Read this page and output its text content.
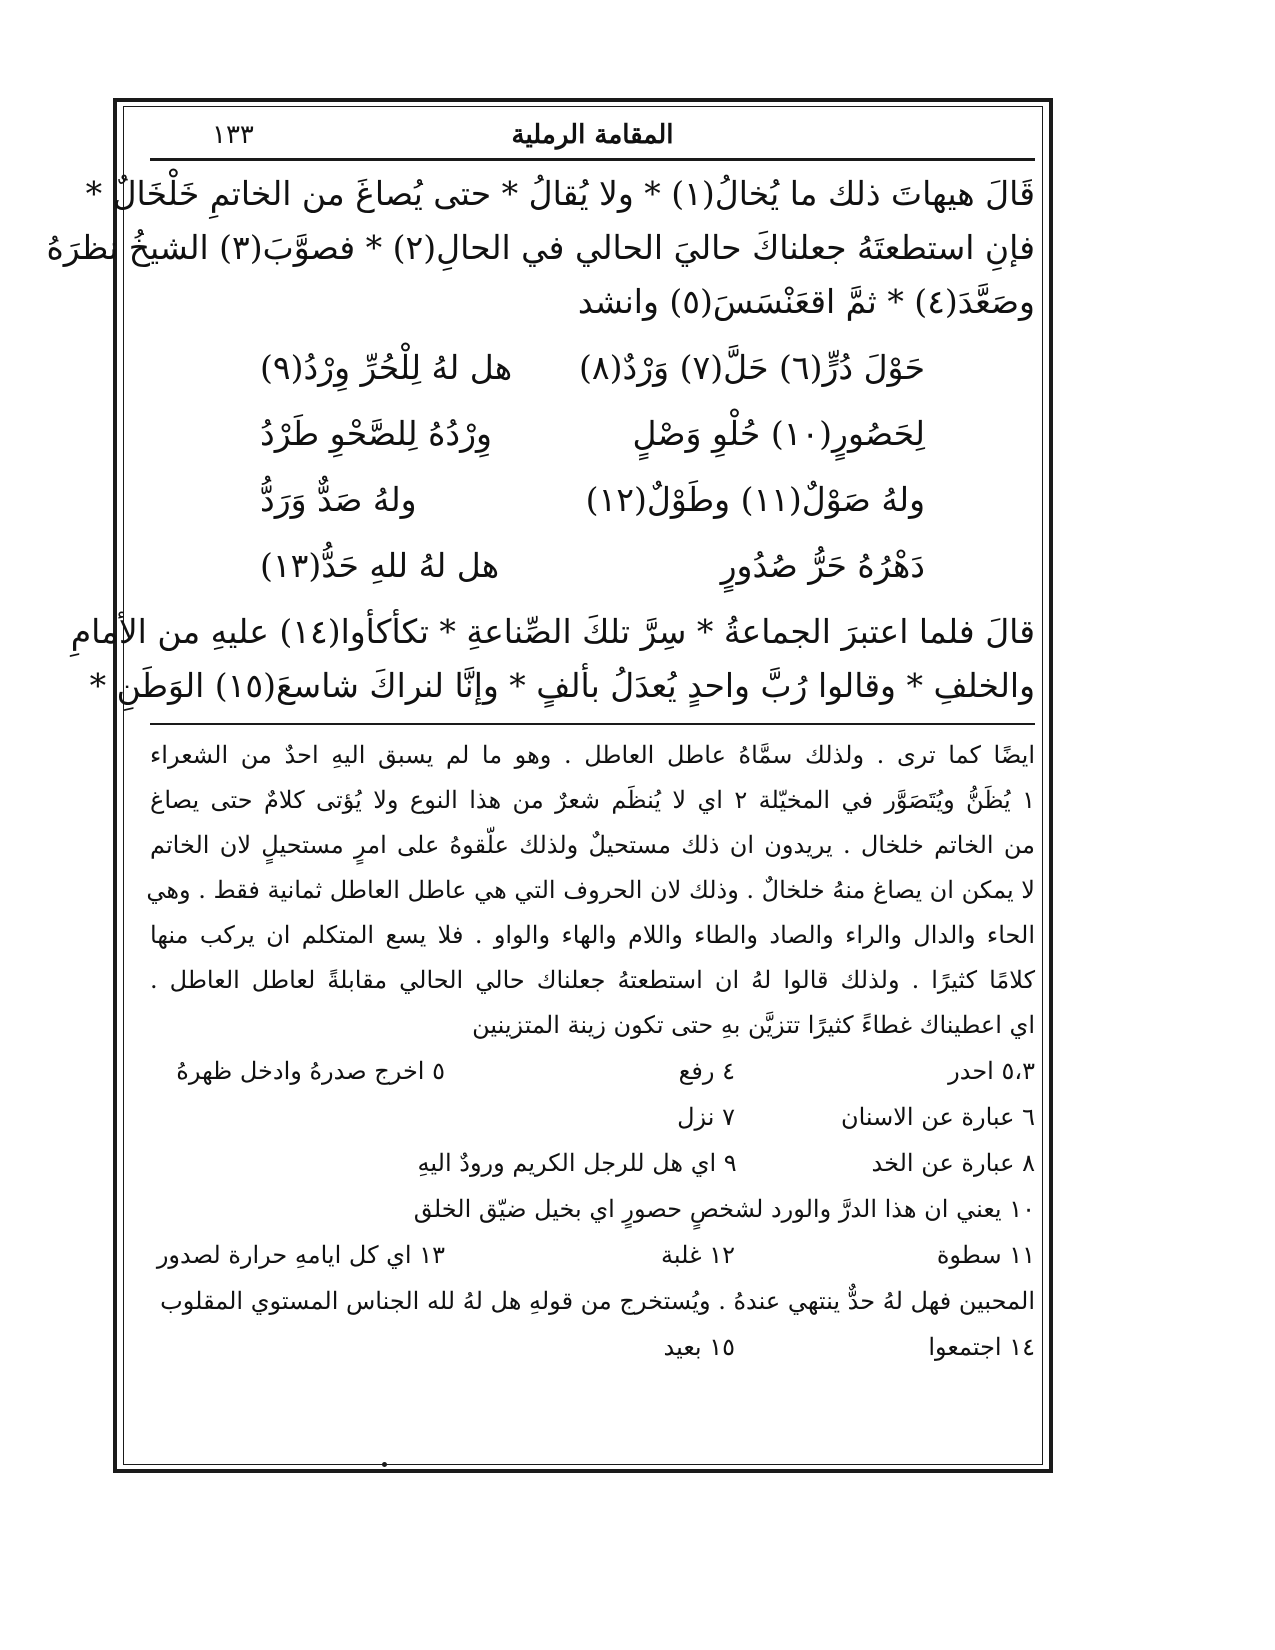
المقامة الرملية
١٣٣
قَالَ هيهاتَ ذلك ما يُخالُ(١) * ولا يُقالُ * حتى يُصاغَ من الخاتمِ خَلْخَالٌ *
فإنِ استطعتَهُ جعلناكَ حاليَ الحالي في الحالِ(٢) * فصوَّبَ(٣) الشيخُ نظرَهُ
وصَعَّدَ(٤) * ثمَّ اقعَنْسَسَ(٥) وانشد
حَوْلَ دُرٍّ(٦) حَلَّ(٧) وَرْدٌ(٨)
هل لهُ لِلْحُرِّ وِرْدُ(٩)
لِحَصُورٍ(١٠) حُلْوِ وَصْلٍ
وِرْدُهُ لِلصَّحْوِ طَرْدُ
ولهُ صَوْلٌ(١١) وطَوْلٌ(١٢)
ولهُ صَدٌّ وَرَدُّ
دَهْرُهُ حَرُّ صُدُورٍ
هل لهُ للهِ حَدُّ(١٣)
قالَ فلما اعتبرَ الجماعةُ * سِرَّ تلكَ الصِّناعةِ * تكأكأوا(١٤) عليهِ من الأمامِ
والخلفِ * وقالوا رُبَّ واحدٍ يُعدَلُ بألفٍ * وإنَّا لنراكَ شاسعَ(١٥) الوَطَنِ *
ايضًا كما ترى . ولذلك سمَّاهُ عاطل العاطل . وهو ما لم يسبق اليهِ احدٌ من الشعراء
١ يُظَنُّ ويُتَصَوَّر في المخيّلة ٢ اي لا يُنظَم شعرٌ من هذا النوع ولا يُؤتى كلامٌ حتى يصاغ
من الخاتم خلخال . يريدون ان ذلك مستحيلٌ ولذلك علّقوهُ على امرٍ مستحيلٍ لان الخاتم
لا يمكن ان يصاغ منهُ خلخالٌ . وذلك لان الحروف التي هي عاطل العاطل ثمانية فقط . وهي
الحاء والدال والراء والصاد والطاء واللام والهاء والواو . فلا يسع المتكلم ان يركب منها
كلامًا كثيرًا . ولذلك قالوا لهُ ان استطعتهُ جعلناك حالي الحالي مقابلةً لعاطل العاطل .
اي اعطيناك غطاءً كثيرًا تتزيَّن بهِ حتى تكون زينة المتزينين
٥،٣ احدر
٤ رفع
٥ اخرج صدرهُ وادخل ظهرهُ
٦ عبارة عن الاسنان
٧ نزل
٨ عبارة عن الخد
٩ اي هل للرجل الكريم ورودٌ اليهِ
١٠ يعني ان هذا الدرَّ والورد لشخصٍ حصورٍ اي بخيل ضيّق الخلق
١١ سطوة
١٢ غلبة
١٣ اي كل ايامهِ حرارة لصدور
المحبين فهل لهُ حدٌّ ينتهي عندهُ . ويُستخرج من قولهِ هل لهُ لله الجناس المستوي المقلوب
١٤ اجتمعوا
١٥ بعيد
